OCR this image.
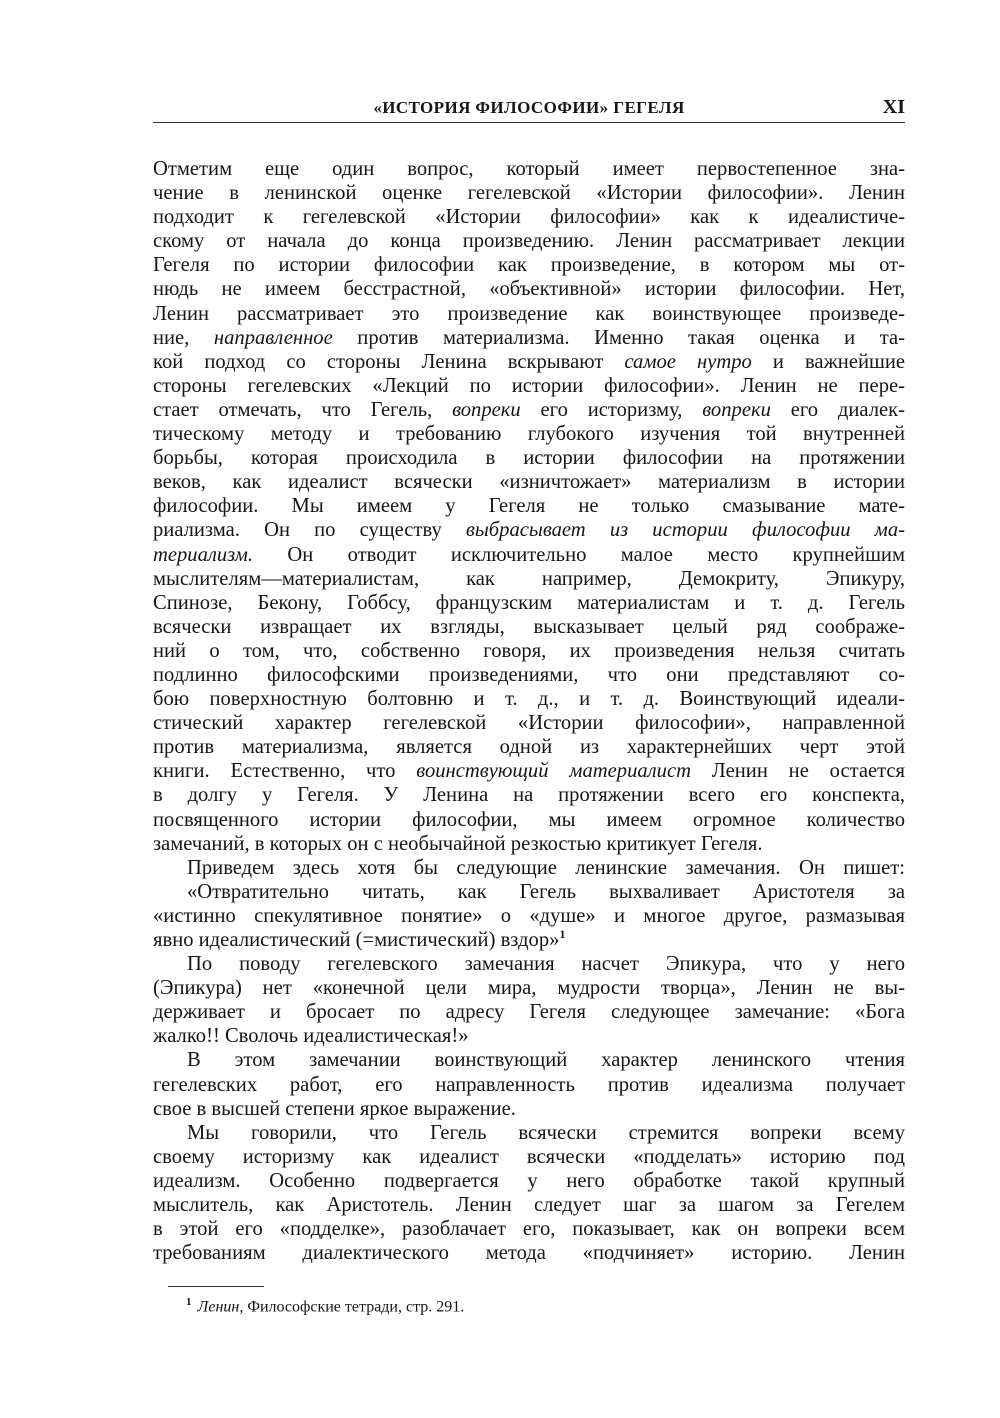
«ИСТОРИЯ ФИЛОСОФИИ» ГЕГЕЛЯ	XI
Отметим еще один вопрос, который имеет первостепенное зна-
чение в ленинской оценке гегелевской «Истории философии». Ленин
подходит к гегелевской «Истории философии» как к идеалистиче-
скому от начала до конца произведению. Ленин рассматривает лекции
Гегеля по истории философии как произведение, в котором мы от-
нюдь не имеем бесстрастной, «объективной» истории философии. Нет,
Ленин рассматривает это произведение как воинствующее произведе-
ние, направленное против материализма. Именно такая оценка и та-
кой подход со стороны Ленина вскрывают самое нутро и важнейшие
стороны гегелевских «Лекций по истории философии». Ленин не пере-
стает отмечать, что Гегель, вопреки его историзму, вопреки его диалек-
тическому методу и требованию глубокого изучения той внутренней
борьбы, которая происходила в истории философии на протяжении
веков, как идеалист всячески «изничтожает» материализм в истории
философии. Мы имеем у Гегеля не только смазывание мате-
риализма. Он по существу выбрасывает из истории философии ма-
териализм. Он отводит исключительно малое место крупнейшим
мыслителям—материалистам, как например, Демокриту, Эпикуру,
Спинозе, Бекону, Гоббсу, французским материалистам и т. д. Гегель
всячески извращает их взгляды, высказывает целый ряд соображе-
ний о том, что, собственно говоря, их произведения нельзя считать
подлинно философскими произведениями, что они представляют со-
бою поверхностную болтовню и т. д., и т. д. Воинствующий идеали-
стический характер гегелевской «Истории философии», направленной
против материализма, является одной из характернейших черт этой
книги. Естественно, что воинствующий материалист Ленин не остается
в долгу у Гегеля. У Ленина на протяжении всего его конспекта,
посвященного истории философии, мы имеем огромное количество
замечаний, в которых он с необычайной резкостью критикует Гегеля.
Приведем здесь хотя бы следующие ленинские замечания. Он пишет:
«Отвратительно читать, как Гегель выхваливает Аристотеля за
«истинно спекулятивное понятие» о «душе» и многое другое, размазывая
явно идеалистический (=мистический) вздор»$^1$
По поводу гегелевского замечания насчет Эпикура, что у него
(Эпикура) нет «конечной цели мира, мудрости творца», Ленин не вы-
держивает и бросает по адресу Гегеля следующее замечание: «Бога
жалко!! Сволочь идеалистическая!»
В этом замечании воинствующий характер ленинского чтения
гегелевских работ, его направленность против идеализма получает
свое в высшей степени яркое выражение.
Мы говорили, что Гегель всячески стремится вопреки всему
своему историзму как идеалист всячески «подделать» историю под
идеализм. Особенно подвергается у него обработке такой крупный
мыслитель, как Аристотель. Ленин следует шаг за шагом за Гегелем
в этой его «подделке», разоблачает его, показывает, как он вопреки всем
требованиям диалектического метода «подчиняет» историю. Ленин
$^1$ Ленин, Философские тетради, стр. 291.
